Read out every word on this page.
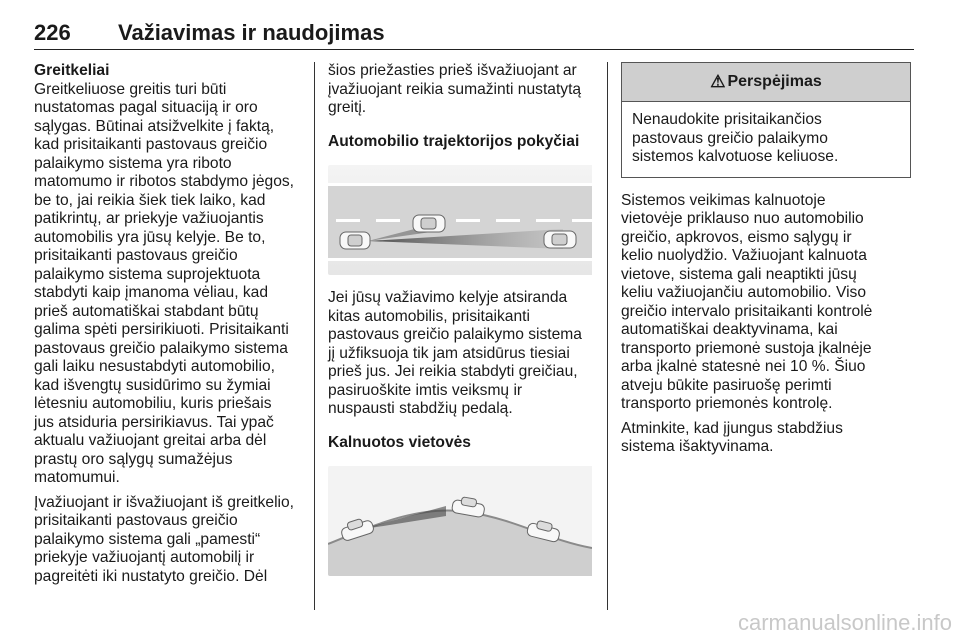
226 Važiavimas ir naudojimas
Greitkeliai
Greitkeliuose greitis turi būti
nustatomas pagal situaciją ir oro
sąlygas. Būtinai atsižvelkite į faktą,
kad prisitaikanti pastovaus greičio
palaikymo sistema yra riboto
matomumo ir ribotos stabdymo jėgos,
be to, jai reikia šiek tiek laiko, kad
patikrintų, ar priekyje važiuojantis
automobilis yra jūsų kelyje. Be to,
prisitaikanti pastovaus greičio
palaikymo sistema suprojektuota
stabdyti kaip įmanoma vėliau, kad
prieš automatiškai stabdant būtų
galima spėti persirikiuoti. Prisitaikanti
pastovaus greičio palaikymo sistema
gali laiku nesustabdyti automobilio,
kad išvengtų susidūrimo su žymiai
lėtesniu automobiliu, kuris priešais
jus atsiduria persirikiavus. Tai ypač
aktualu važiuojant greitai arba dėl
prastų oro sąlygų sumažėjus
matomumui.
Įvažiuojant ir išvažiuojant iš greitkelio,
prisitaikanti pastovaus greičio
palaikymo sistema gali „pamesti“
priekyje važiuojantį automobilį ir
pagreitėti iki nustatyto greičio. Dėl
šios priežasties prieš išvažiuojant ar
įvažiuojant reikia sumažinti nustatytą
greitį.
Automobilio trajektorijos pokyčiai
Jei jūsų važiavimo kelyje atsiranda
kitas automobilis, prisitaikanti
pastovaus greičio palaikymo sistema
jį užfiksuoja tik jam atsidūrus tiesiai
prieš jus. Jei reikia stabdyti greičiau,
pasiruoškite imtis veiksmų ir
nuspausti stabdžių pedalą.
Kalnuotos vietovės
⚠ Perspėjimas
Nenaudokite prisitaikančios
pastovaus greičio palaikymo
sistemos kalvotuose keliuose.
Sistemos veikimas kalnuotoje
vietovėje priklauso nuo automobilio
greičio, apkrovos, eismo sąlygų ir
kelio nuolydžio. Važiuojant kalnuota
vietove, sistema gali neaptikti jūsų
keliu važiuojančiu automobilio. Viso
greičio intervalo prisitaikanti kontrolė
automatiškai deaktyvinama, kai
transporto priemonė sustoja įkalnėje
arba įkalnė statesnė nei 10 %. Šiuo
atveju būkite pasiruošę perimti
transporto priemonės kontrolę.
Atminkite, kad įjungus stabdžius
sistema išaktyvinama.
carmanualsonline.info
